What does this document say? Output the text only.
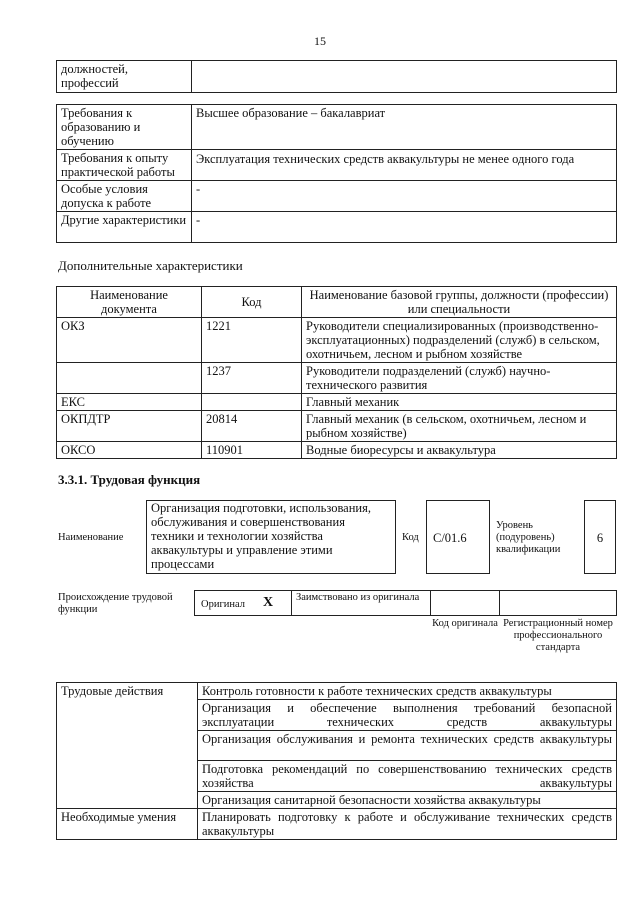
15
должностей,
профессий	
Требования к образованию и обучению	Высшее образование – бакалавриат
Требования к опыту практической работы	Эксплуатация технических средств аквакультуры не менее одного года
Особые условия допуска к работе	-
Другие характеристики	-
Дополнительные характеристики
Наименование документа	Код	Наименование базовой группы, должности (профессии) или специальности
ОКЗ	1221	Руководители специализированных (производственно-эксплуатационных) подразделений (служб) в сельском, охотничьем, лесном и рыбном хозяйстве
	1237	Руководители подразделений (служб) научно-технического развития
ЕКС		Главный механик
ОКПДТР	20814	Главный механик (в сельском, охотничьем, лесном и рыбном хозяйстве)
ОКСО	110901	Водные биоресурсы и аквакультура
3.3.1. Трудовая функция
Наименование
Организация подготовки, использования, обслуживания и совершенствования техники и технологии хозяйства аквакультуры и управление этими процессами
Код	C/01.6
Уровень (подуровень) квалификации
6
Происхождение трудовой функции	Оригинал X	Заимствовано из оригинала
Код оригинала Регистрационный номер профессионального стандарта
Трудовые действия	Контроль готовности к работе технических средств аквакультуры
	Организация и обеспечение выполнения требований безопасной эксплуатации технических средств аквакультуры
	Организация обслуживания и ремонта технических средств аквакультуры
	Подготовка рекомендаций по совершенствованию технических средств хозяйства аквакультуры
	Организация санитарной безопасности хозяйства аквакультуры
Необходимые умения	Планировать подготовку к работе и обслуживание технических средств аквакультуры
